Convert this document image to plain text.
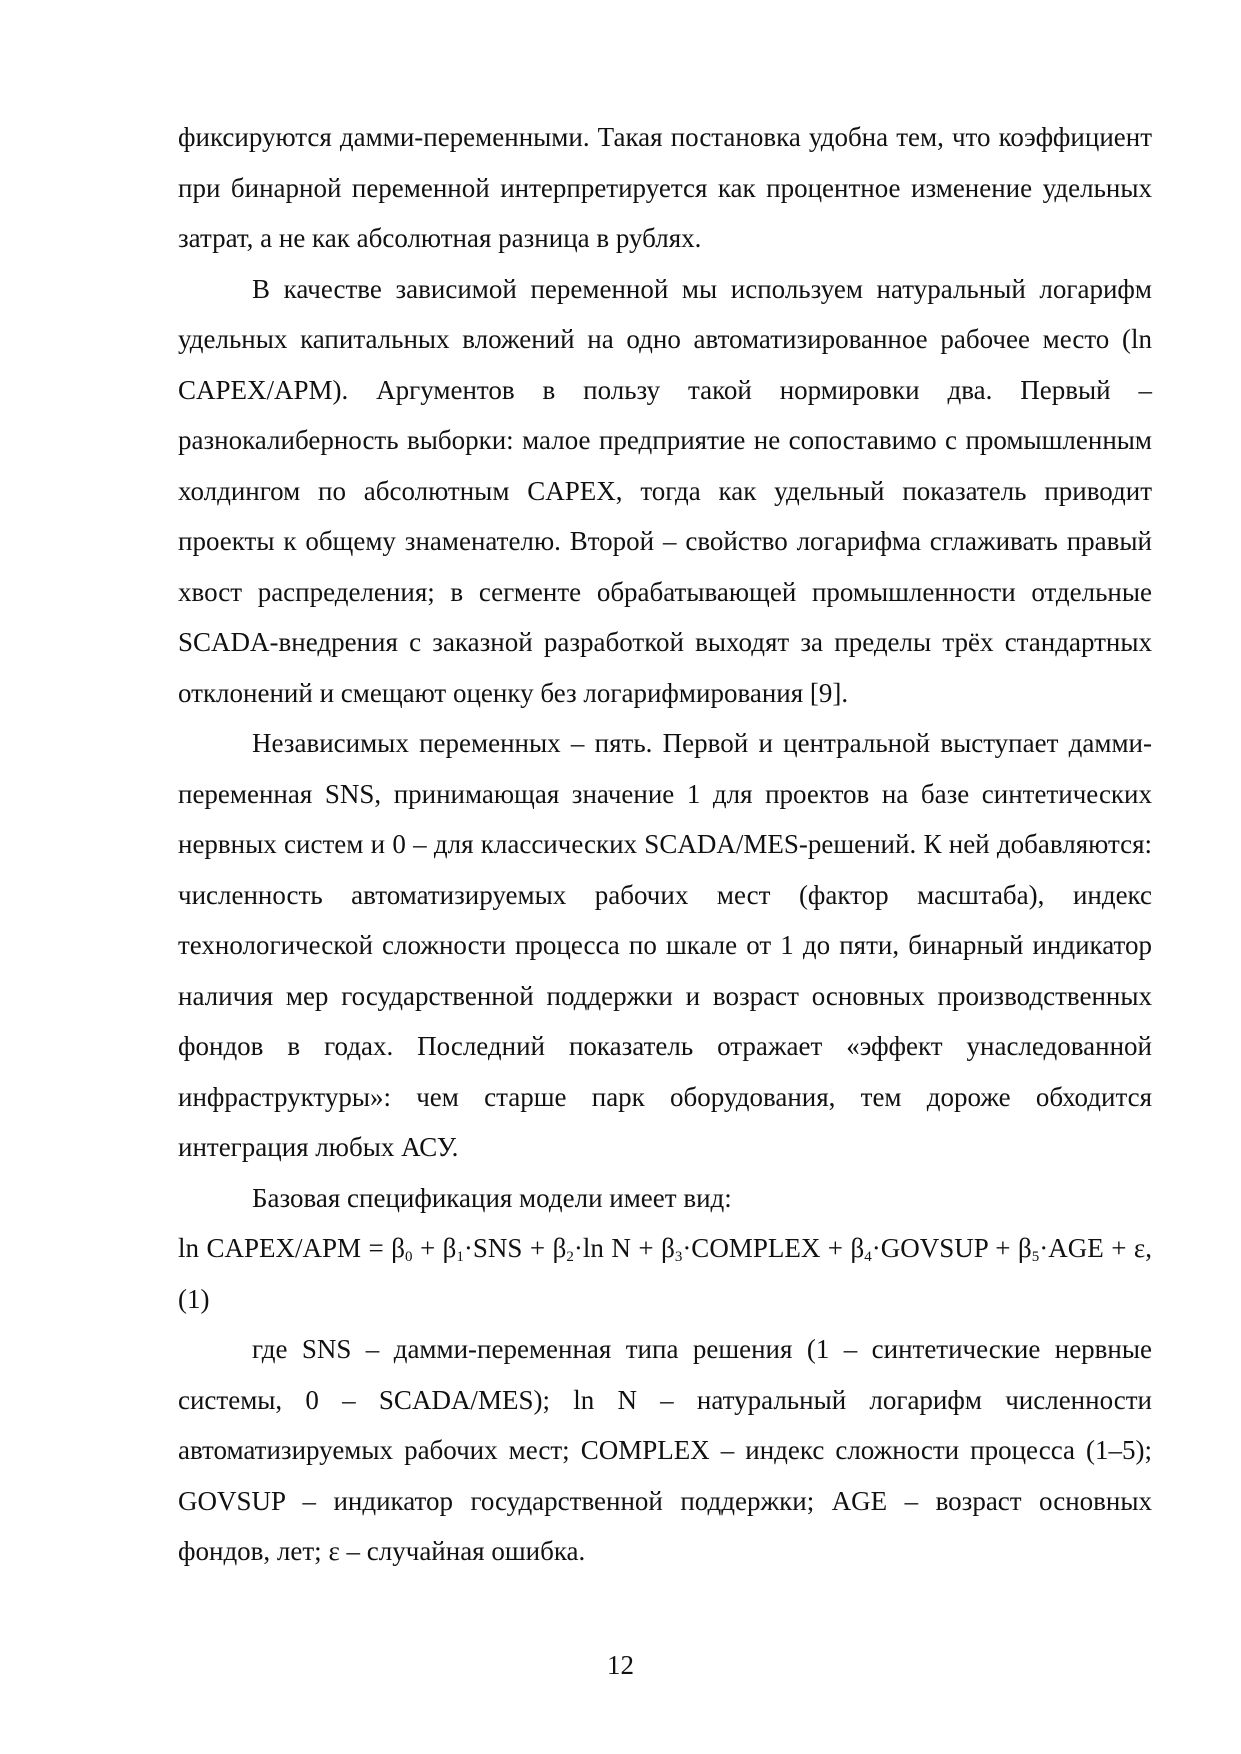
фиксируются дамми-переменными. Такая постановка удобна тем, что коэффициент при бинарной переменной интерпретируется как процентное изменение удельных затрат, а не как абсолютная разница в рублях.

В качестве зависимой переменной мы используем натуральный логарифм удельных капитальных вложений на одно автоматизированное рабочее место (ln CAPEX/АРМ). Аргументов в пользу такой нормировки два. Первый – разнокалиберность выборки: малое предприятие не сопоставимо с промышленным холдингом по абсолютным CAPEX, тогда как удельный показатель приводит проекты к общему знаменателю. Второй – свойство логарифма сглаживать правый хвост распределения; в сегменте обрабатывающей промышленности отдельные SCADA-внедрения с заказной разработкой выходят за пределы трёх стандартных отклонений и смещают оценку без логарифмирования [9].

Независимых переменных – пять. Первой и центральной выступает дамми-переменная SNS, принимающая значение 1 для проектов на базе синтетических нервных систем и 0 – для классических SCADA/MES-решений. К ней добавляются: численность автоматизируемых рабочих мест (фактор масштаба), индекс технологической сложности процесса по шкале от 1 до пяти, бинарный индикатор наличия мер государственной поддержки и возраст основных производственных фондов в годах. Последний показатель отражает «эффект унаследованной инфраструктуры»: чем старше парк оборудования, тем дороже обходится интеграция любых АСУ.

Базовая спецификация модели имеет вид:

ln CAPEX/АРМ = $\beta_0 + \beta_1\cdot SNS + \beta_2\cdot\ln$ $N + \beta_3\cdot COMPLEX$ + $\beta_4\cdot GOVSUP + \beta_5\cdot AGE + \varepsilon$, (1)

где SNS – дамми-переменная типа решения (1 – синтетические нервные системы, 0 – SCADA/MES); ln N – натуральный логарифм численности автоматизируемых рабочих мест; COMPLEX – индекс сложности процесса (1–5); GOVSUP – индикатор государственной поддержки; AGE – возраст основных фондов, лет; ε – случайная ошибка.

12
